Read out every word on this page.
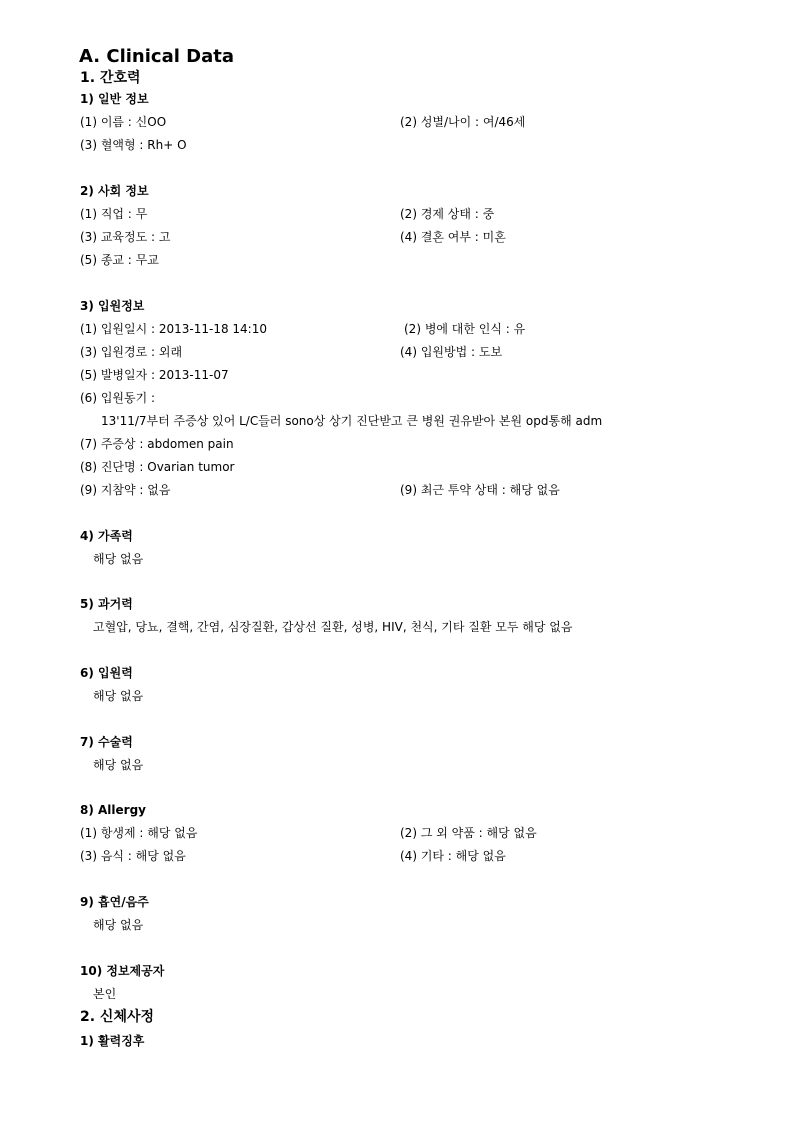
A. Clinical Data
1. 간호력
1) 일반 정보
(1) 이름 : 신OO	(2) 성별/나이 : 여/46세
(3) 혈액형 : Rh+ O
2) 사회 정보
(1) 직업 : 무	(2) 경제 상태 : 중
(3) 교육정도 : 고	(4) 결혼 여부 : 미혼
(5) 종교 : 무교
3) 입원정보
(1) 입원일시 : 2013-11-18 14:10	(2) 병에 대한 인식 : 유
(3) 입원경로 : 외래	(4) 입원방법 : 도보
(5) 발병일자 : 2013-11-07
(6) 입원동기 :
13'11/7부터 주증상 있어 L/C들러 sono상 상기 진단받고 큰 병원 권유받아 본원 opd통해 adm
(7) 주증상 : abdomen pain
(8) 진단명 : Ovarian tumor
(9) 지참약 : 없음	(9) 최근 투약 상태 : 해당 없음
4) 가족력
해당 없음
5) 과거력
고혈압, 당뇨, 결핵, 간염, 심장질환, 갑상선 질환, 성병, HIV, 천식, 기타 질환 모두 해당 없음
6) 입원력
해당 없음
7) 수술력
해당 없음
8) Allergy
(1) 항생제 : 해당 없음	(2) 그 외 약품 : 해당 없음
(3) 음식 : 해당 없음	(4) 기타 : 해당 없음
9) 흡연/음주
해당 없음
10) 정보제공자
본인
2. 신체사정
1) 활력징후
